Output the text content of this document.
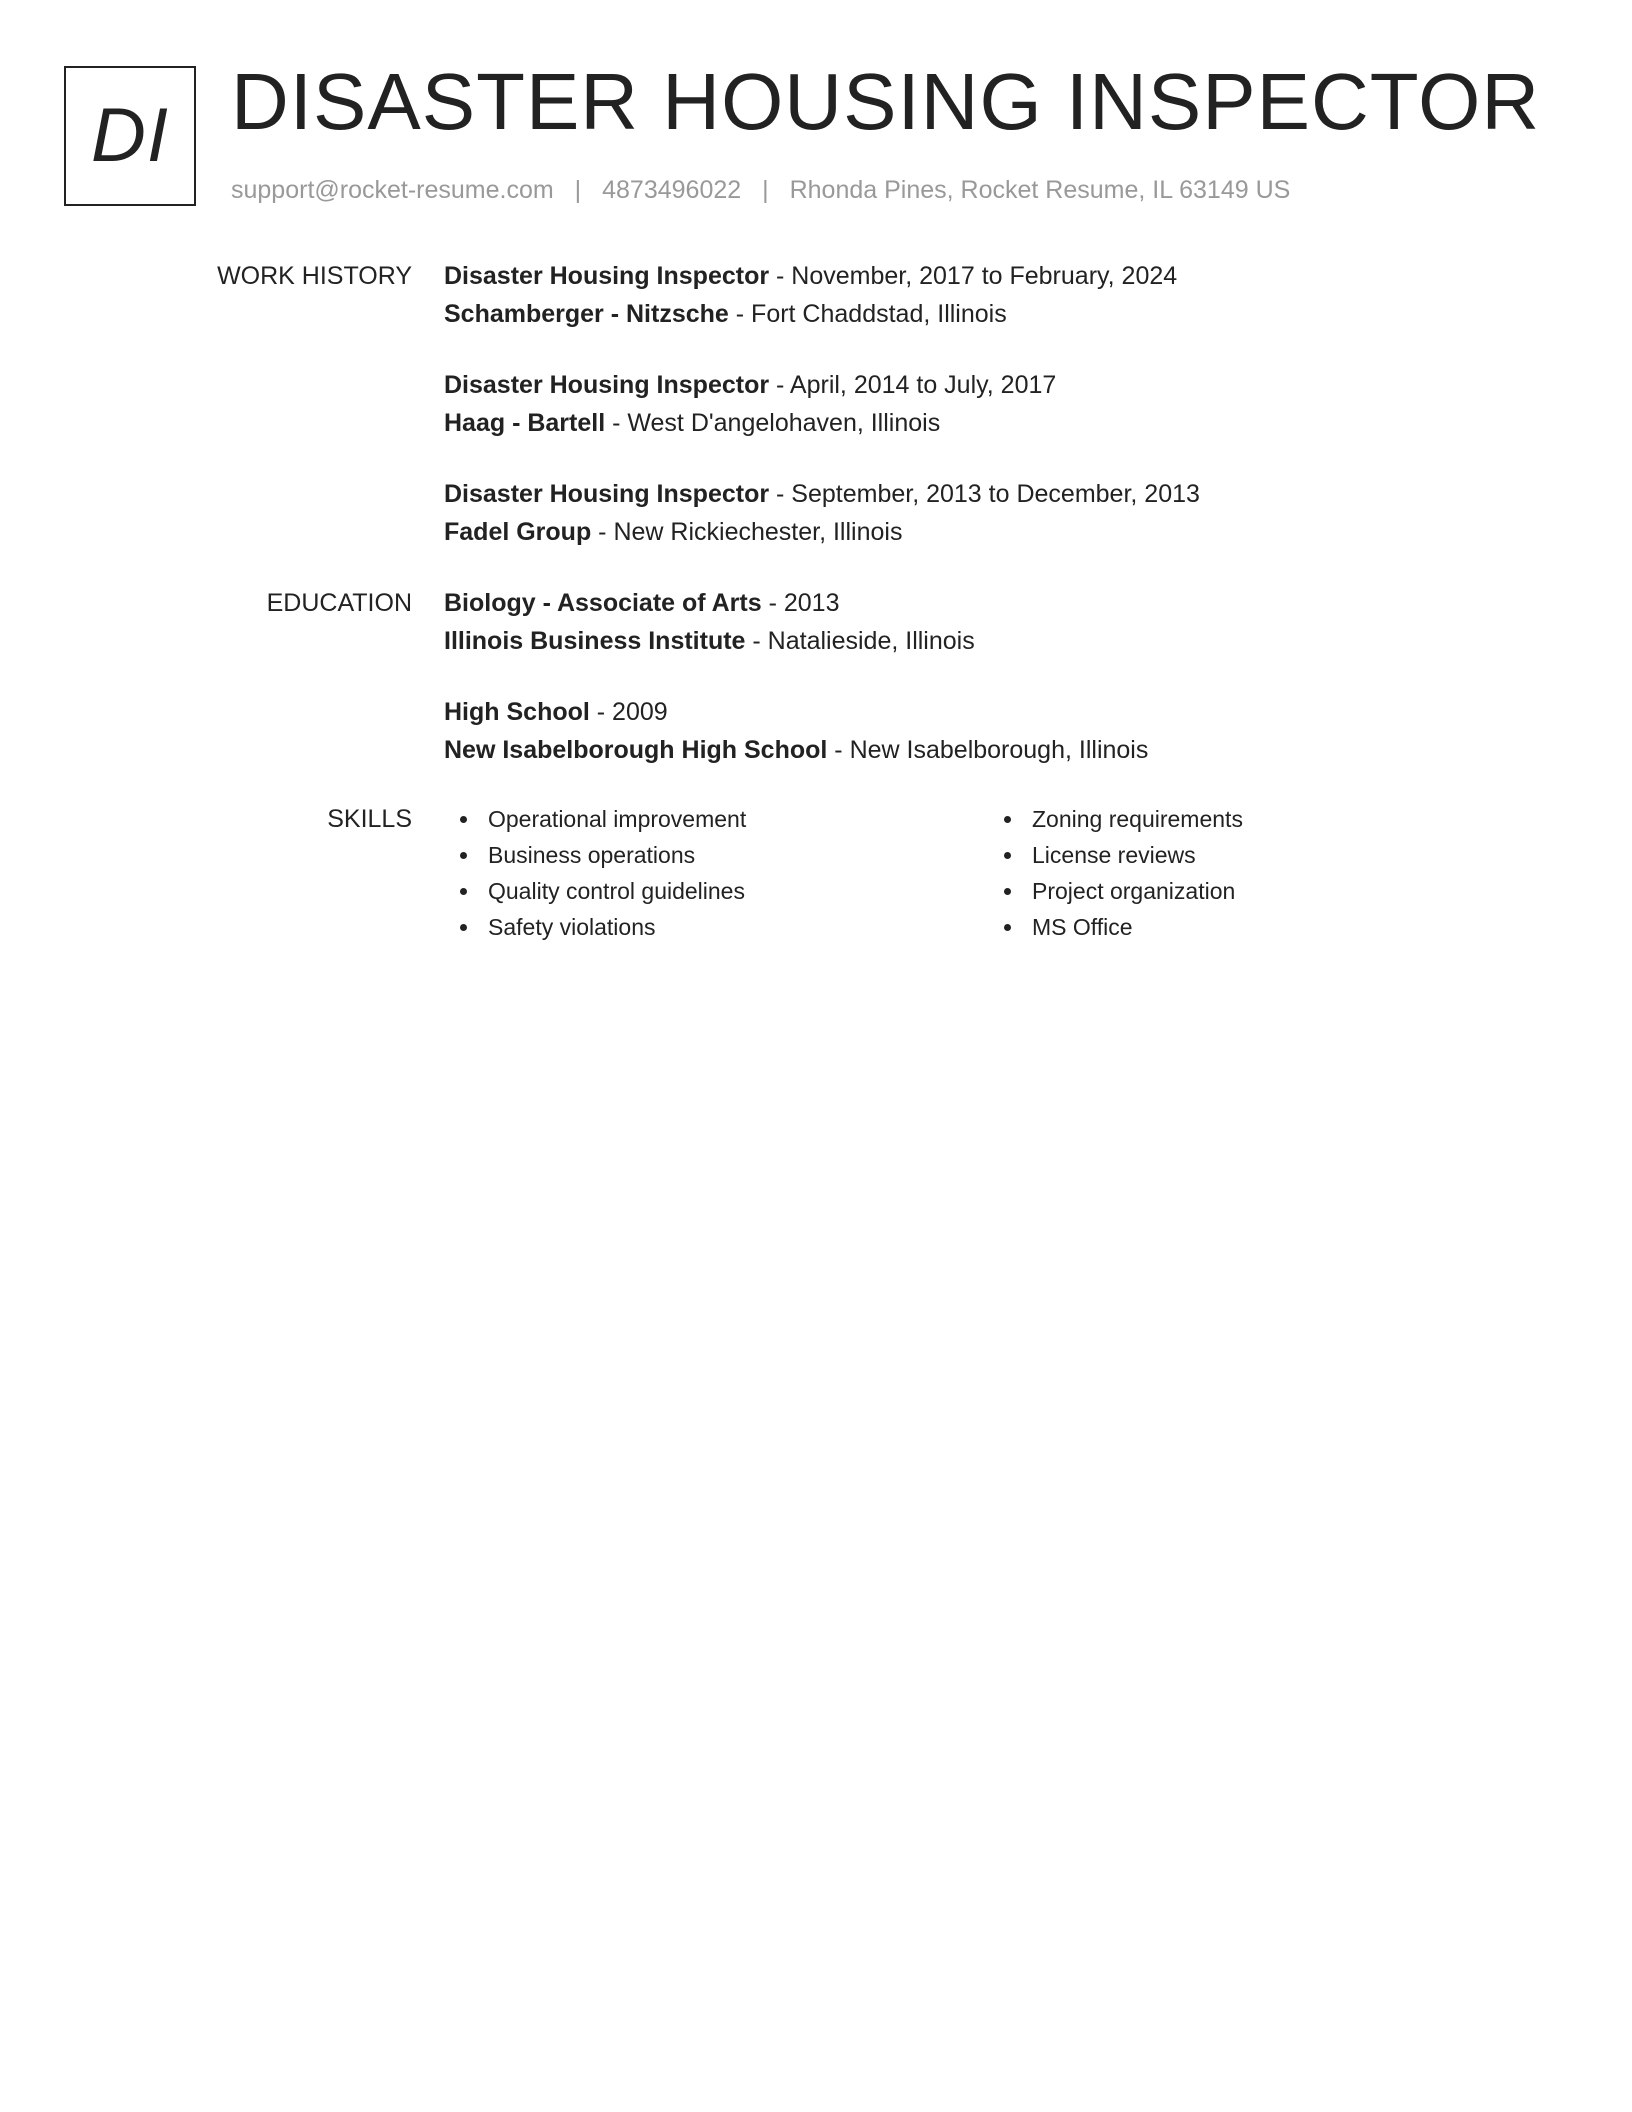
DI DISASTER HOUSING INSPECTOR
support@rocket-resume.com | 4873496022 | Rhonda Pines, Rocket Resume, IL 63149 US
WORK HISTORY Disaster Housing Inspector - November, 2017 to February, 2024
Schamberger - Nitzsche - Fort Chaddstad, Illinois
Disaster Housing Inspector - April, 2014 to July, 2017
Haag - Bartell - West D'angelohaven, Illinois
Disaster Housing Inspector - September, 2013 to December, 2013
Fadel Group - New Rickiechester, Illinois
EDUCATION Biology - Associate of Arts - 2013
Illinois Business Institute - Natalieside, Illinois
High School - 2009
New Isabelborough High School - New Isabelborough, Illinois
SKILLS	Operational improvement
Business operations
Quality control guidelines
Safety violations
Zoning requirements
License reviews
Project organization
MS Office
